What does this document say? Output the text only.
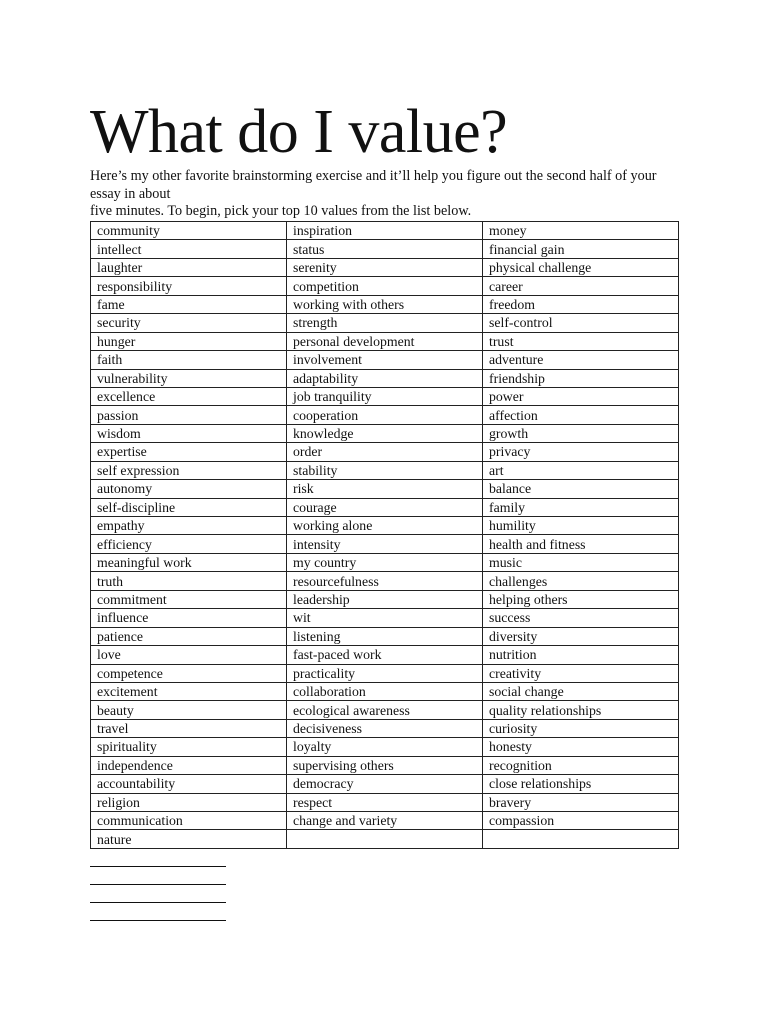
What do I value?

Here’s my other favorite brainstorming exercise and it’ll help you figure out the second half of your essay in about

five minutes. To begin, pick your top 10 values from the list below.

community	inspiration	money
intellect	status	financial gain
laughter	serenity	physical challenge
responsibility	competition	career
fame	working with others	freedom
security	strength	self-control
hunger	personal development	trust
faith	involvement	adventure
vulnerability	adaptability	friendship
excellence	job tranquility	power
passion	cooperation	affection
wisdom	knowledge	growth
expertise	order	privacy
self expression	stability	art
autonomy	risk	balance
self-discipline	courage	family
empathy	working alone	humility
efficiency	intensity	health and fitness
meaningful work	my country	music
truth	resourcefulness	challenges
commitment	leadership	helping others
influence	wit	success
patience	listening	diversity
love	fast-paced work	nutrition
competence	practicality	creativity
excitement	collaboration	social change
beauty	ecological awareness	quality relationships
travel	decisiveness	curiosity
spirituality	loyalty	honesty
independence	supervising others	recognition
accountability	democracy	close relationships
religion	respect	bravery
communication	change and variety	compassion
nature		
